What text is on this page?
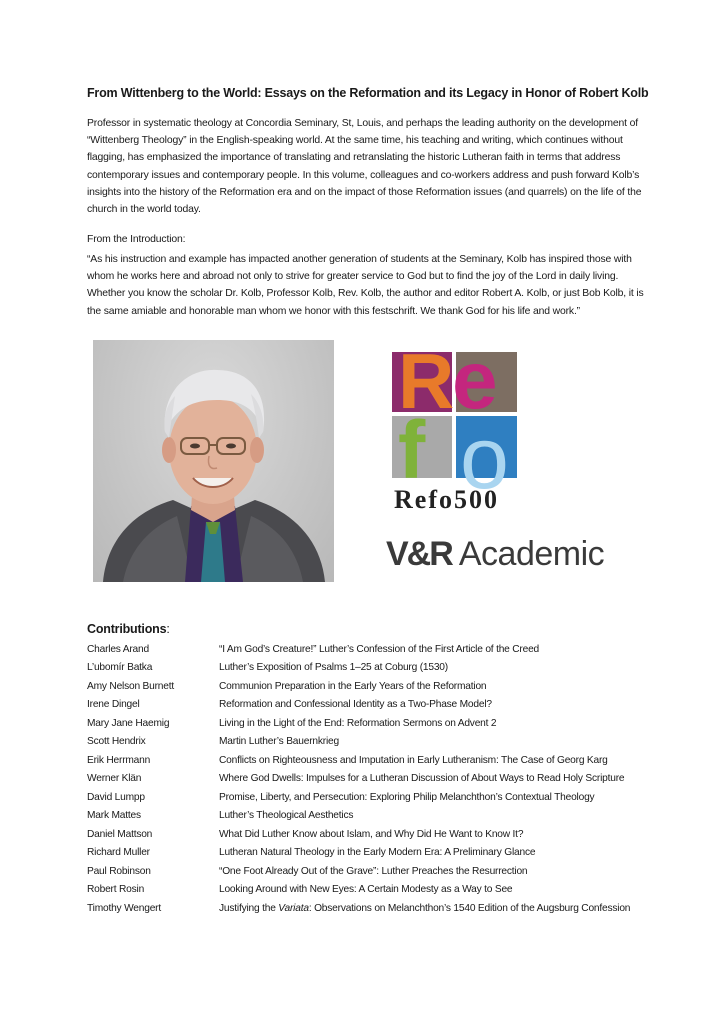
From Wittenberg to the World: Essays on the Reformation and its Legacy in Honor of Robert Kolb
Professor in systematic theology at Concordia Seminary, St, Louis, and perhaps the leading authority on the development of “Wittenberg Theology” in the English-speaking world. At the same time, his teaching and writing, which continues without flagging, has emphasized the importance of translating and retranslating the historic Lutheran faith in terms that address contemporary issues and contemporary people. In this volume, colleagues and co-workers address and push forward Kolb’s insights into the history of the Reformation era and on the impact of those Reformation issues (and quarrels) on the life of the church in the world today.
From the Introduction:
“As his instruction and example has impacted another generation of students at the Seminary, Kolb has inspired those with whom he works here and abroad not only to strive for greater service to God but to find the joy of the Lord in daily living. Whether you know the scholar Dr. Kolb, Professor Kolb, Rev. Kolb, the author and editor Robert A. Kolb, or just Bob Kolb, it is the same amiable and honorable man whom we honor with this festschrift. We thank God for his life and work.”
R
e
f o
Refo500
V&R Academic
Contributions:
Charles Arand	“I Am God’s Creature!” Luther’s Confession of the First Article of the Creed
L’ubomír Batka	Luther’s Exposition of Psalms 1–25 at Coburg (1530)
Amy Nelson Burnett	Communion Preparation in the Early Years of the Reformation
Irene Dingel	Reformation and Confessional Identity as a Two-Phase Model?
Mary Jane Haemig	Living in the Light of the End: Reformation Sermons on Advent 2
Scott Hendrix	Martin Luther’s Bauernkrieg
Erik Herrmann	Conflicts on Righteousness and Imputation in Early Lutheranism: The Case of Georg Karg
Werner Klän	Where God Dwells: Impulses for a Lutheran Discussion of About Ways to Read Holy Scripture
David Lumpp	Promise, Liberty, and Persecution: Exploring Philip Melanchthon’s Contextual Theology
Mark Mattes	Luther’s Theological Aesthetics
Daniel Mattson	What Did Luther Know about Islam, and Why Did He Want to Know It?
Richard Muller	Lutheran Natural Theology in the Early Modern Era: A Preliminary Glance
Paul Robinson	“One Foot Already Out of the Grave”: Luther Preaches the Resurrection
Robert Rosin	Looking Around with New Eyes: A Certain Modesty as a Way to See
Timothy Wengert	Justifying the Variata: Observations on Melanchthon’s 1540 Edition of the Augsburg Confession
